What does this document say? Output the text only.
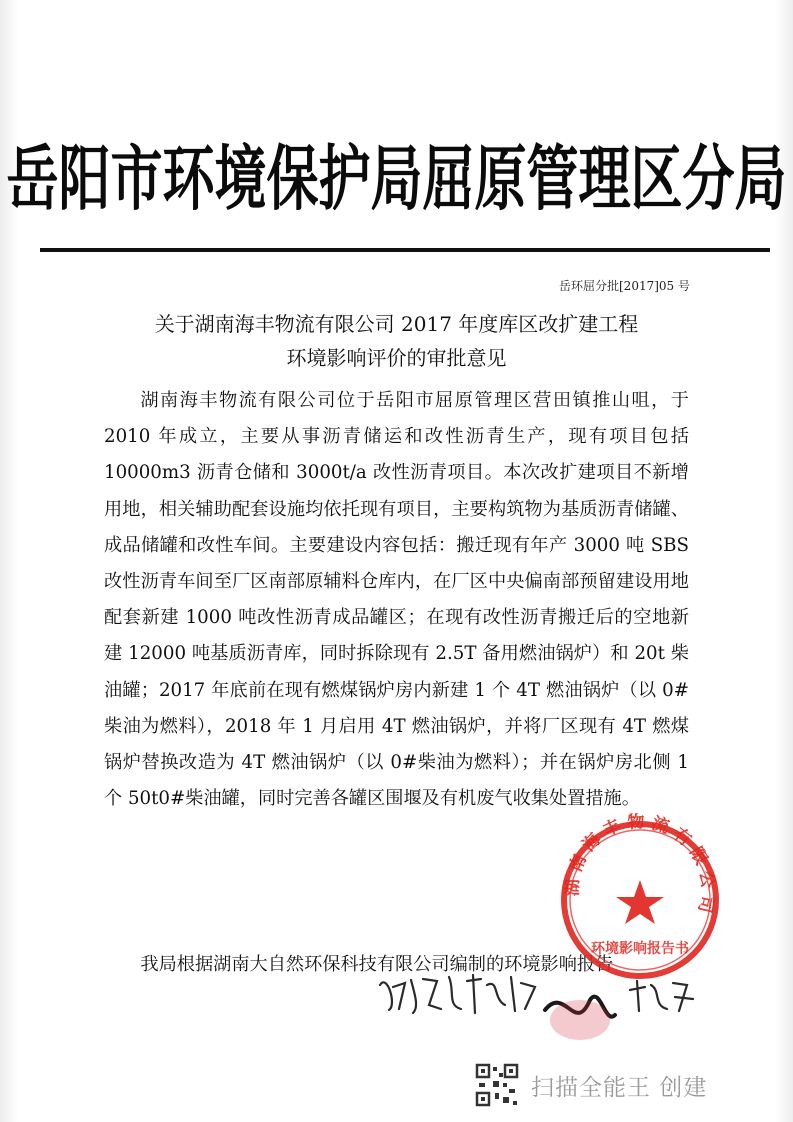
岳阳市环境保护局屈原管理区分局
岳环屈分批[2017]05 号
关于湖南海丰物流有限公司 2017 年度库区改扩建工程
环境影响评价的审批意见
湖南海丰物流有限公司位于岳阳市屈原管理区营田镇推山咀，于 2010 年成立，主要从事沥青储运和改性沥青生产，现有项目包括 10000m3 沥青仓储和 3000t/a 改性沥青项目。本次改扩建项目不新增用地，相关辅助配套设施均依托现有项目，主要构筑物为基质沥青储罐、成品储罐和改性车间。主要建设内容包括：搬迁现有年产 3000 吨 SBS 改性沥青车间至厂区南部原辅料仓库内，在厂区中央偏南部预留建设用地配套新建 1000 吨改性沥青成品罐区；在现有改性沥青搬迁后的空地新建 12000 吨基质沥青库，同时拆除现有 2.5T 备用燃油锅炉）和 20t 柴油罐；2017 年底前在现有燃煤锅炉房内新建 1 个 4T 燃油锅炉（以 0#柴油为燃料），2018 年 1 月启用 4T 燃油锅炉，并将厂区现有 4T 燃煤锅炉替换改造为 4T 燃油锅炉（以 0#柴油为燃料）；并在锅炉房北侧 1 个 50t0#柴油罐，同时完善各罐区围堰及有机废气收集处置措施。
我局根据湖南大自然环保科技有限公司编制的环境影响报告
湖 南 海 丰 物 流 有 限 公 司
环境影响报告书
扫描全能王 创建
